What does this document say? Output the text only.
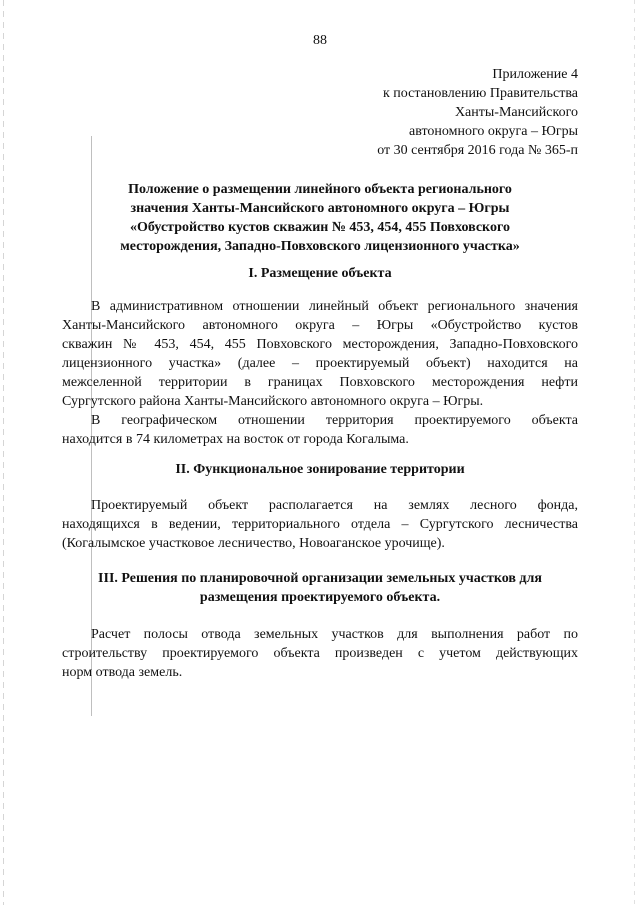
88
Приложение 4
к постановлению Правительства
Ханты-Мансийского
автономного округа – Югры
от 30 сентября 2016 года № 365-п
Положение о размещении линейного объекта регионального
значения Ханты-Мансийского автономного округа – Югры
«Обустройство кустов скважин № 453, 454, 455 Повховского
месторождения, Западно-Повховского лицензионного участка»
I. Размещение объекта
В административном отношении линейный объект регионального значения
Ханты-Мансийского автономного округа – Югры «Обустройство кустов
скважин № 453, 454, 455 Повховского месторождения, Западно-Повховского
лицензионного участка» (далее – проектируемый объект) находится на
межселенной территории в границах Повховского месторождения нефти
Сургутского района Ханты-Мансийского автономного округа – Югры.
В географическом отношении территория проектируемого объекта
находится в 74 километрах на восток от города Когалыма.
II. Функциональное зонирование территории
Проектируемый объект располагается на землях лесного фонда,
находящихся в ведении, территориального отдела – Сургутского лесничества
(Когалымское участковое лесничество, Новоаганское урочище).
III. Решения по планировочной организации земельных участков для
размещения проектируемого объекта.
Расчет полосы отвода земельных участков для выполнения работ по
строительству проектируемого объекта произведен с учетом действующих
норм отвода земель.
